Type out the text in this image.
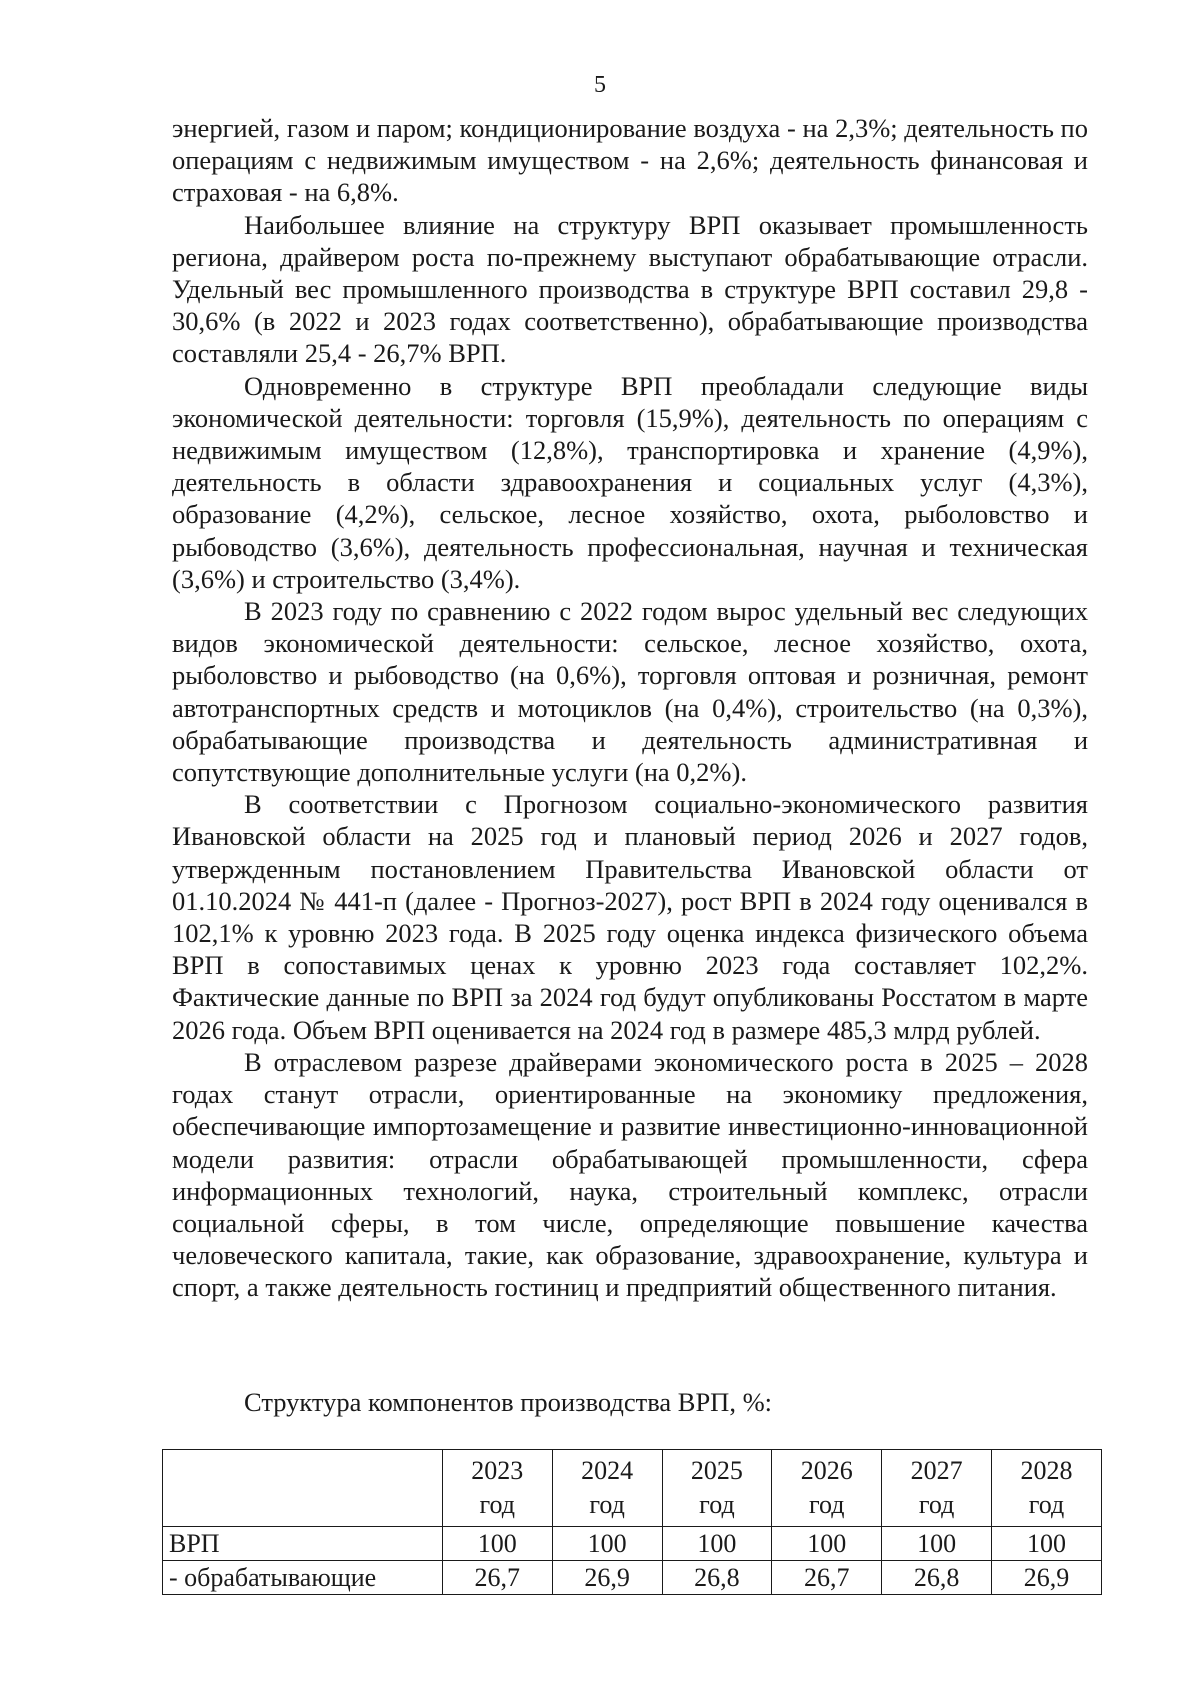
5

энергией, газом и паром; кондиционирование воздуха - на 2,3%; деятельность по операциям с недвижимым имуществом - на 2,6%; деятельность финансовая и страховая - на 6,8%.

Наибольшее влияние на структуру ВРП оказывает промышленность региона, драйвером роста по-прежнему выступают обрабатывающие отрасли. Удельный вес промышленного производства в структуре ВРП составил 29,8 - 30,6% (в 2022 и 2023 годах соответственно), обрабатывающие производства составляли 25,4 - 26,7% ВРП.

Одновременно в структуре ВРП преобладали следующие виды экономической деятельности: торговля (15,9%), деятельность по операциям с недвижимым имуществом (12,8%), транспортировка и хранение (4,9%), деятельность в области здравоохранения и социальных услуг (4,3%), образование (4,2%), сельское, лесное хозяйство, охота, рыболовство и рыбоводство (3,6%), деятельность профессиональная, научная и техническая (3,6%) и строительство (3,4%).

В 2023 году по сравнению с 2022 годом вырос удельный вес следующих видов экономической деятельности: сельское, лесное хозяйство, охота, рыболовство и рыбоводство (на 0,6%), торговля оптовая и розничная, ремонт автотранспортных средств и мотоциклов (на 0,4%), строительство (на 0,3%), обрабатывающие производства и деятельность административная и сопутствующие дополнительные услуги (на 0,2%).

В соответствии с Прогнозом социально-экономического развития Ивановской области на 2025 год и плановый период 2026 и 2027 годов, утвержденным постановлением Правительства Ивановской области от 01.10.2024 № 441-п (далее - Прогноз-2027), рост ВРП в 2024 году оценивался в 102,1% к уровню 2023 года. В 2025 году оценка индекса физического объема ВРП в сопоставимых ценах к уровню 2023 года составляет 102,2%. Фактические данные по ВРП за 2024 год будут опубликованы Росстатом в марте 2026 года. Объем ВРП оценивается на 2024 год в размере 485,3 млрд рублей.

В отраслевом разрезе драйверами экономического роста в 2025 – 2028 годах станут отрасли, ориентированные на экономику предложения, обеспечивающие импортозамещение и развитие инвестиционно-инновационной модели развития: отрасли обрабатывающей промышленности, сфера информационных технологий, наука, строительный комплекс, отрасли социальной сферы, в том числе, определяющие повышение качества человеческого капитала, такие, как образование, здравоохранение, культура и спорт, а также деятельность гостиниц и предприятий общественного питания.

Структура компонентов производства ВРП, %:

	2023
год	2024
год	2025
год	2026
год	2027
год	2028
год

ВРП	100	100	100	100	100	100
- обрабатывающие	26,7	26,9	26,8	26,7	26,8	26,9
